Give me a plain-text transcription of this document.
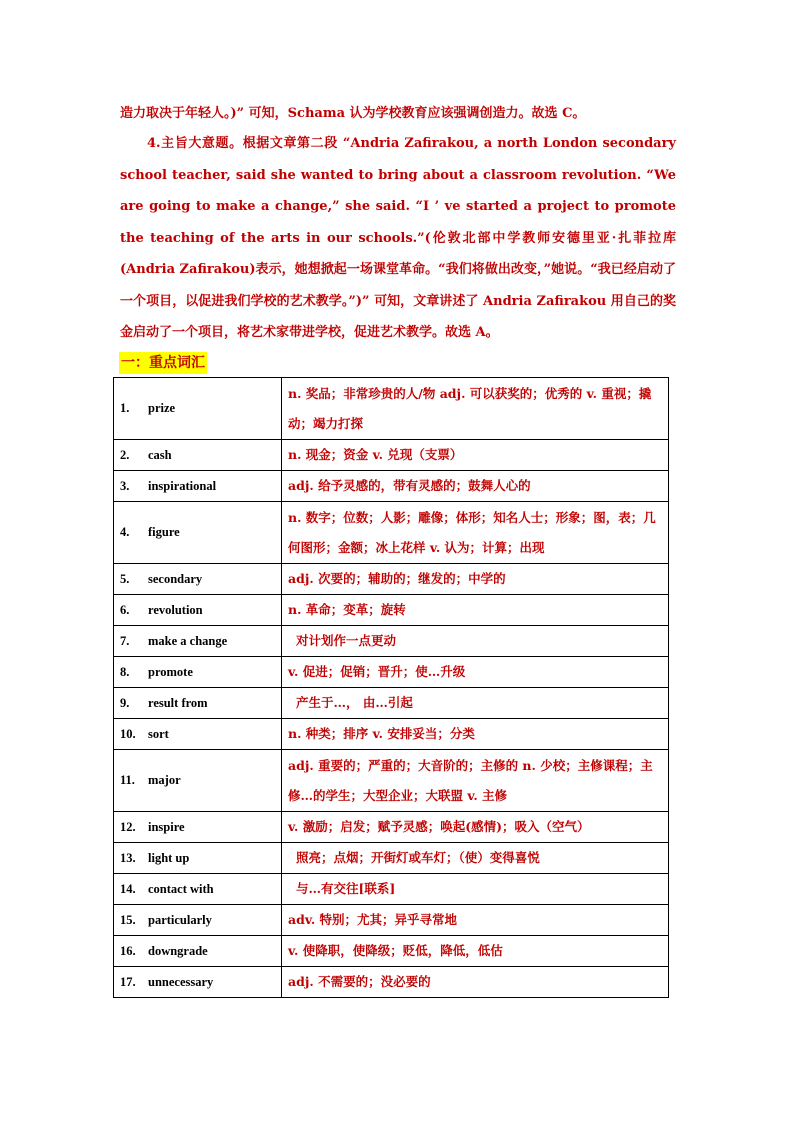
造力取决于年轻人。)” 可知，Schama 认为学校教育应该强调创造力。故选 C。
4.主旨大意题。根据文章第二段 “Andria Zafirakou, a north London secondary school teacher, said she wanted to bring about a classroom revolution. “We are going to make a change,” she said. “I ’ ve started a project to promote the teaching of the arts in our schools.”(伦敦北部中学教师安德里亚·扎菲拉库(Andria Zafirakou)表示，她想掀起一场课堂革命。“我们将做出改变，”她说。“我已经启动了一个项目，以促进我们学校的艺术教学。”)” 可知，文章讲述了 Andria Zafirakou 用自己的奖金启动了一个项目，将艺术家带进学校，促进艺术教学。故选 A。
一：重点词汇
1. prize	n. 奖品；非常珍贵的人/物 adj. 可以获奖的；优秀的 v. 重视；撬动；竭力打探
2. cash	n. 现金；资金 v. 兑现（支票）
3. inspirational	adj. 给予灵感的，带有灵感的；鼓舞人心的
4. figure	n. 数字；位数；人影；雕像；体形；知名人士；形象；图，表；几何图形；金额；冰上花样 v. 认为；计算；出现
5. secondary	adj. 次要的；辅助的；继发的；中学的
6. revolution	n. 革命；变革；旋转
7. make a change	对计划作一点更动
8. promote	v. 促进；促销；晋升；使…升级
9. result from	产生于…， 由…引起
10. sort	n. 种类；排序 v. 安排妥当；分类
11. major	adj. 重要的；严重的；大音阶的；主修的 n. 少校；主修课程；主修…的学生；大型企业；大联盟 v. 主修
12. inspire	v. 激励；启发；赋予灵感；唤起(感情)；吸入（空气）
13. light up	照亮；点烟；开街灯或车灯；（使）变得喜悦
14. contact with	与…有交往[联系]
15. particularly	adv. 特别；尤其；异乎寻常地
16. downgrade	v. 使降职，使降级；贬低，降低，低估
17. unnecessary	adj. 不需要的；没必要的
